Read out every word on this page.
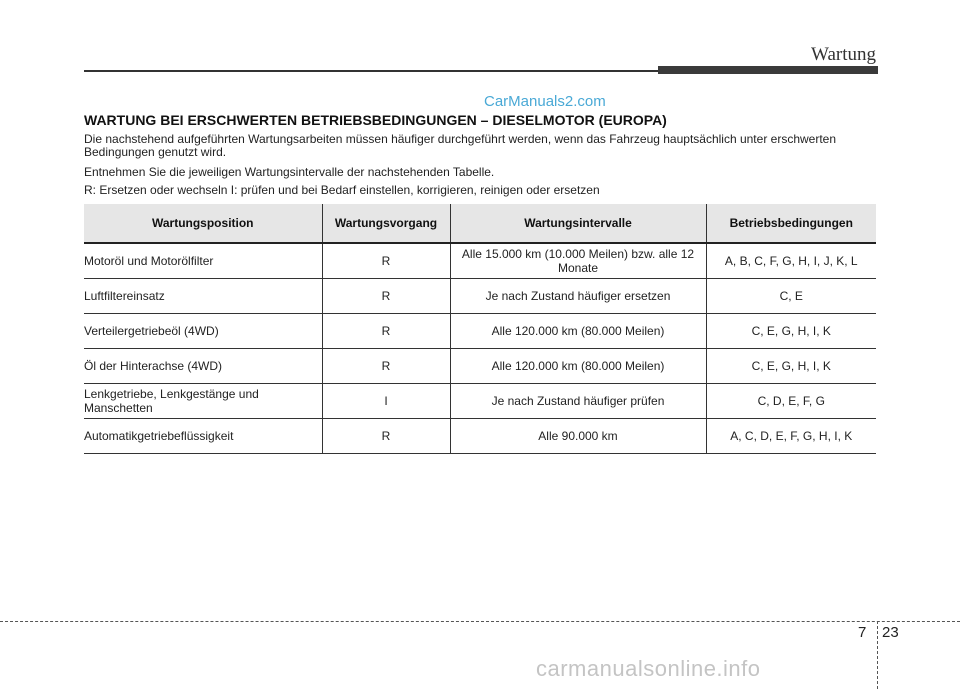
Wartung

CarManuals2.com

WARTUNG BEI ERSCHWERTEN BETRIEBSBEDINGUNGEN – DIESELMOTOR (EUROPA)

Die nachstehend aufgeführten Wartungsarbeiten müssen häufiger durchgeführt werden, wenn das Fahrzeug hauptsächlich unter erschwerten Bedingungen genutzt wird.

Entnehmen Sie die jeweiligen Wartungsintervalle der nachstehenden Tabelle.

R: Ersetzen oder wechseln I: prüfen und bei Bedarf einstellen, korrigieren, reinigen oder ersetzen

Wartungsposition	Wartungsvorgang	Wartungsintervalle	Betriebsbedingungen
Motoröl und Motorölfilter	R	Alle 15.000 km (10.000 Meilen) bzw. alle 12 Monate	A, B, C, F, G, H, I, J, K, L
Luftfiltereinsatz	R	Je nach Zustand häufiger ersetzen	C, E
Verteilergetriebeöl (4WD)	R	Alle 120.000 km (80.000 Meilen)	C, E, G, H, I, K
Öl der Hinterachse (4WD)	R	Alle 120.000 km (80.000 Meilen)	C, E, G, H, I, K
Lenkgetriebe, Lenkgestänge und Manschetten	I	Je nach Zustand häufiger prüfen	C, D, E, F, G
Automatikgetriebeflüssigkeit	R	Alle 90.000 km	A, C, D, E, F, G, H, I, K
7 23
carmanualsonline.info
